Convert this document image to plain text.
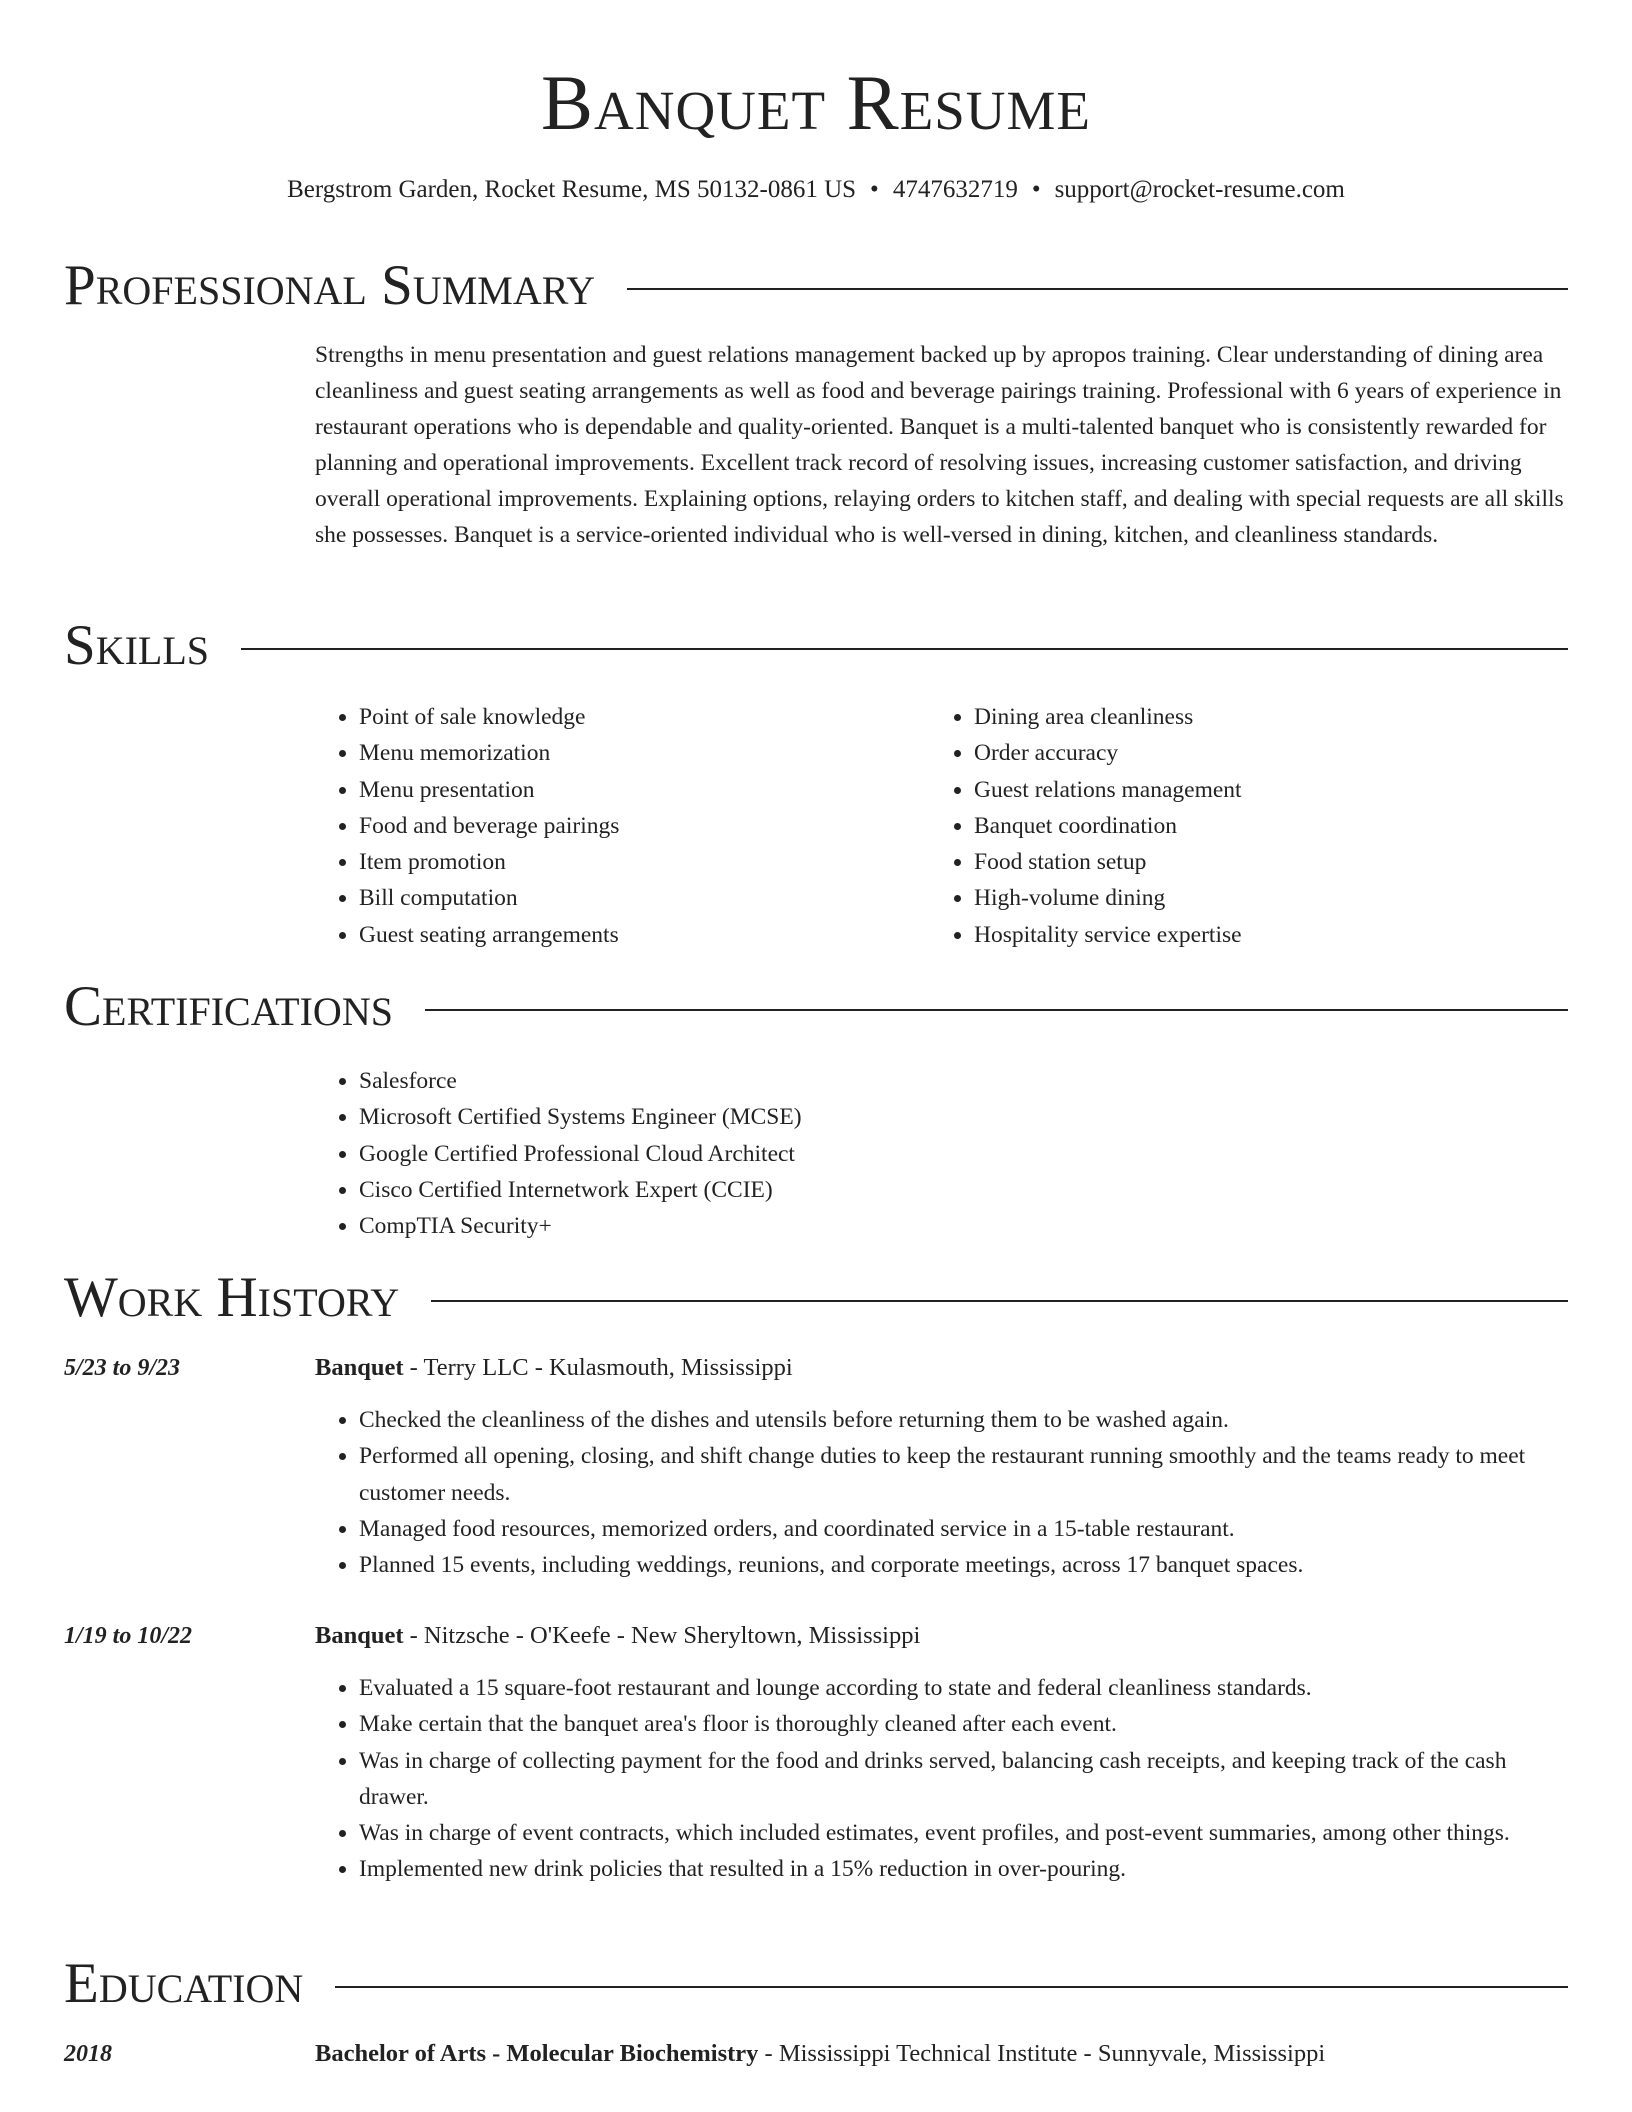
Banquet Resume
Bergstrom Garden, Rocket Resume, MS 50132-0861 US • 4747632719 • support@rocket-resume.com
Professional Summary

Strengths in menu presentation and guest relations management backed up by apropos training. Clear understanding of dining area cleanliness and guest seating arrangements as well as food and beverage pairings training. Professional with 6 years of experience in restaurant operations who is dependable and quality-oriented. Banquet is a multi-talented banquet who is consistently rewarded for planning and operational improvements. Excellent track record of resolving issues, increasing customer satisfaction, and driving overall operational improvements. Explaining options, relaying orders to kitchen staff, and dealing with special requests are all skills she possesses. Banquet is a service-oriented individual who is well-versed in dining, kitchen, and cleanliness standards.

Skills
• Point of sale knowledge
• Menu memorization
• Menu presentation
• Food and beverage pairings
• Item promotion
• Bill computation
• Guest seating arrangements
• Dining area cleanliness
• Order accuracy
• Guest relations management
• Banquet coordination
• Food station setup
• High-volume dining
• Hospitality service expertise
Certifications
• Salesforce
• Microsoft Certified Systems Engineer (MCSE)
• Google Certified Professional Cloud Architect
• Cisco Certified Internetwork Expert (CCIE)
• CompTIA Security+
Work History
5/23 to 9/23	Banquet - Terry LLC - Kulasmouth, Mississippi
• Checked the cleanliness of the dishes and utensils before returning them to be washed again.
• Performed all opening, closing, and shift change duties to keep the restaurant running smoothly and the teams ready to meet customer needs.
• Managed food resources, memorized orders, and coordinated service in a 15-table restaurant.
• Planned 15 events, including weddings, reunions, and corporate meetings, across 17 banquet spaces.
1/19 to 10/22	Banquet - Nitzsche - O'Keefe - New Sheryltown, Mississippi
• Evaluated a 15 square-foot restaurant and lounge according to state and federal cleanliness standards.
• Make certain that the banquet area's floor is thoroughly cleaned after each event.
• Was in charge of collecting payment for the food and drinks served, balancing cash receipts, and keeping track of the cash drawer.
• Was in charge of event contracts, which included estimates, event profiles, and post-event summaries, among other things.
• Implemented new drink policies that resulted in a 15% reduction in over-pouring.
Education
2018	Bachelor of Arts - Molecular Biochemistry - Mississippi Technical Institute - Sunnyvale, Mississippi
